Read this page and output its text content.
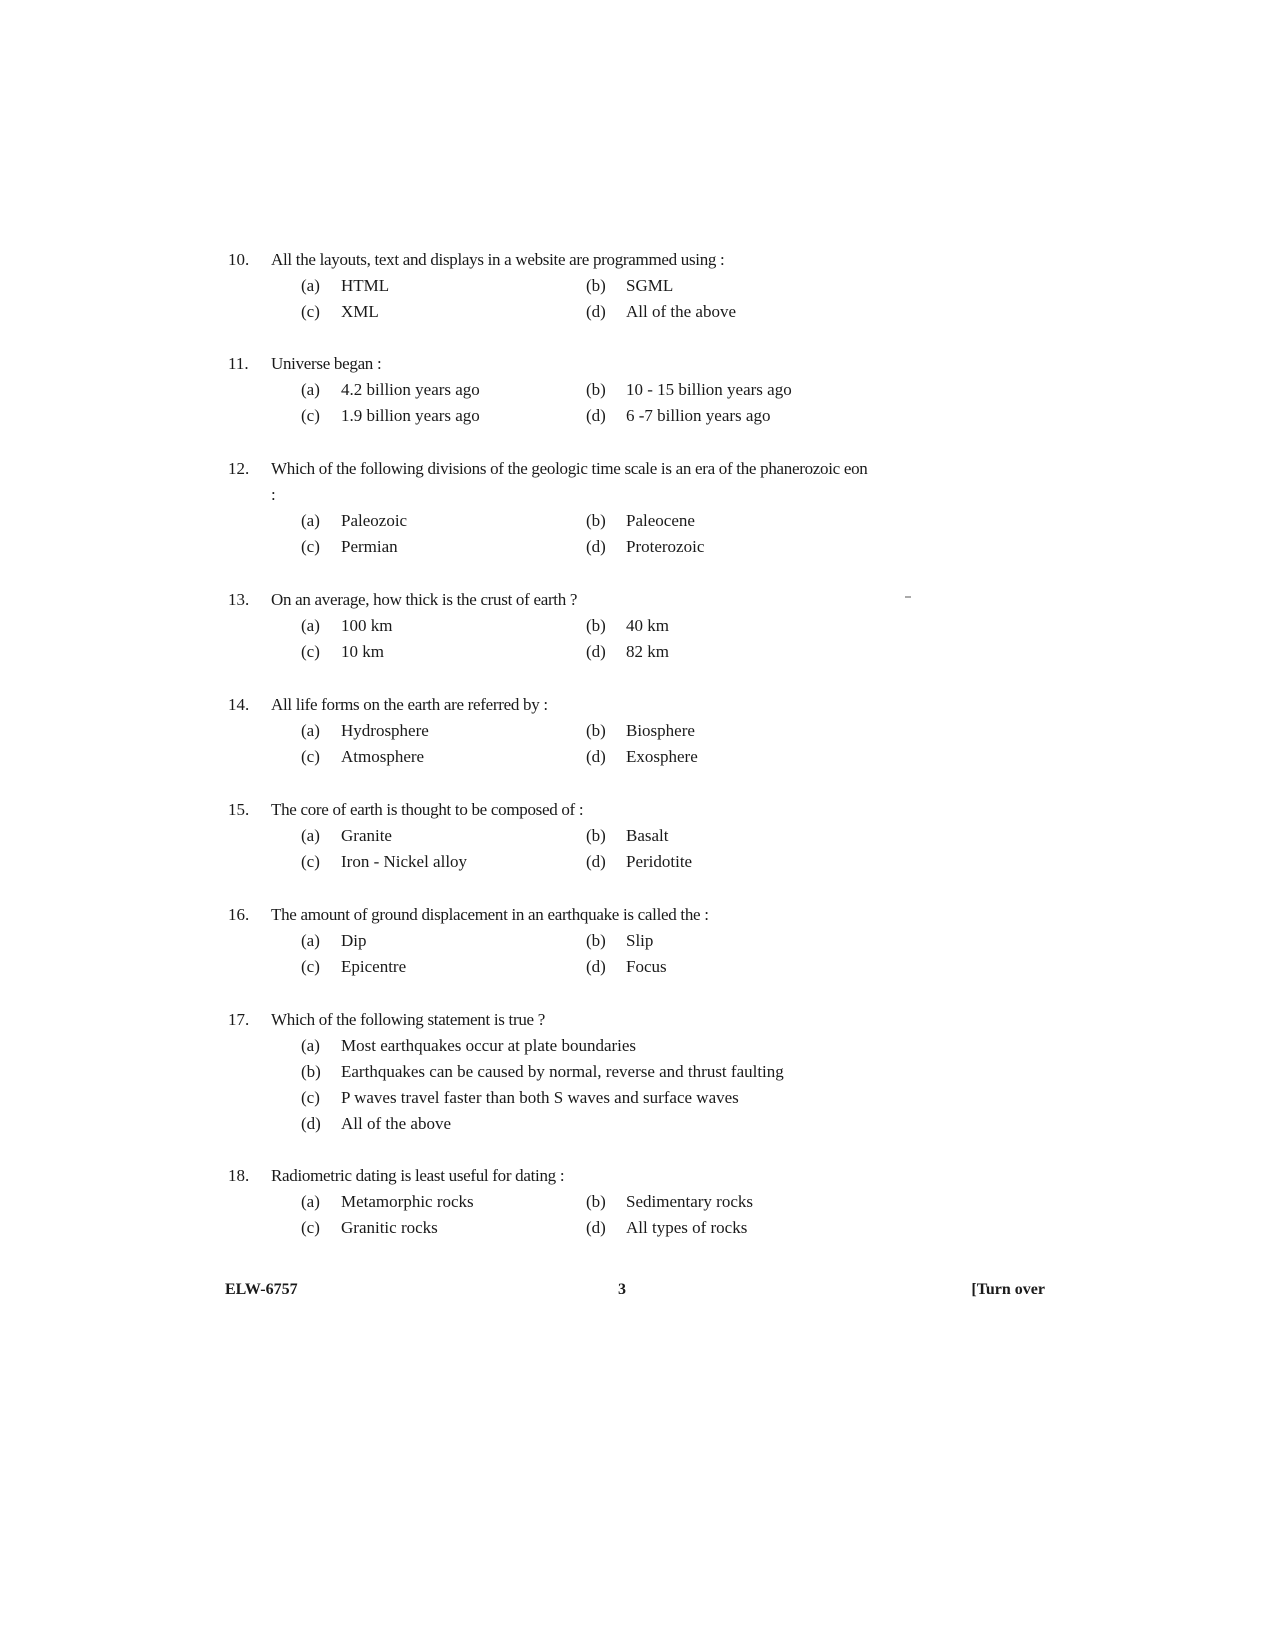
10.	All the layouts, text and displays in a website are programmed using :
(a)	HTML	(b)	SGML
(c)	XML	(d)	All of the above
11.	Universe began :
(a)	4.2 billion years ago	(b)	10 - 15 billion years ago
(c)	1.9 billion years ago	(d)	6 -7 billion years ago
12.	Which of the following divisions of the geologic time scale is an era of the phanerozoic eon :
(a)	Paleozoic	(b)	Paleocene
(c)	Permian	(d)	Proterozoic
13.	On an average, how thick is the crust of earth ?
(a)	100 km	(b)	40 km
(c)	10 km	(d)	82 km
14.	All life forms on the earth are referred by :
(a)	Hydrosphere	(b)	Biosphere
(c)	Atmosphere	(d)	Exosphere
15.	The core of earth is thought to be composed of :
(a)	Granite	(b)	Basalt
(c)	Iron - Nickel alloy	(d)	Peridotite
16.	The amount of ground displacement in an earthquake is called the :
(a)	Dip	(b)	Slip
(c)	Epicentre	(d)	Focus
17.	Which of the following statement is true ?
(a)	Most earthquakes occur at plate boundaries
(b)	Earthquakes can be caused by normal, reverse and thrust faulting
(c)	P waves travel faster than both S waves and surface waves
(d)	All of the above
18.	Radiometric dating is least useful for dating :
(a)	Metamorphic rocks	(b)	Sedimentary rocks
(c)	Granitic rocks	(d)	All types of rocks
ELW-6757	3	[Turn over
